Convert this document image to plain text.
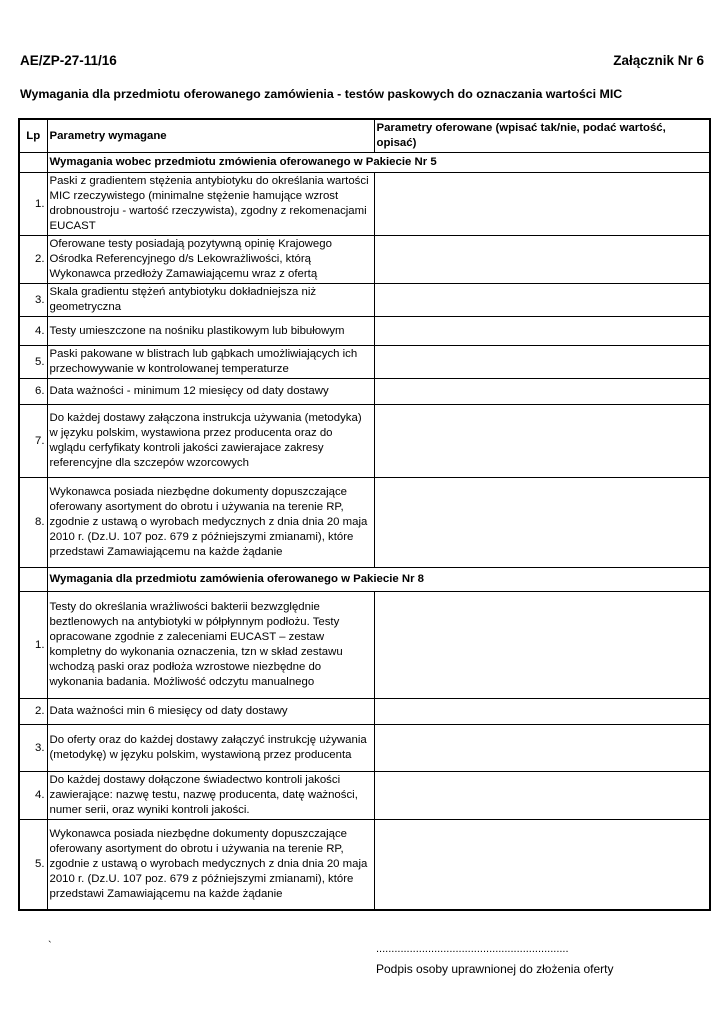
AE/ZP-27-11/16	Załącznik Nr 6
Wymagania dla przedmiotu oferowanego zamówienia - testów paskowych do oznaczania wartości MIC
Lp	Parametry wymagane	Parametry oferowane (wpisać tak/nie, podać wartość, opisać)
	Wymagania wobec przedmiotu zmówienia oferowanego w Pakiecie Nr 5	
1.	Paski z gradientem stężenia antybiotyku do określania wartości MIC rzeczywistego (minimalne stężenie hamujące wzrost drobnoustroju - wartość rzeczywista), zgodny z rekomenacjami EUCAST	
2.	Oferowane testy posiadają pozytywną opinię Krajowego Ośrodka Referencyjnego d/s Lekowrażliwości, którą Wykonawca przedłoży Zamawiającemu wraz z ofertą	
3.	Skala gradientu stężeń antybiotyku dokładniejsza niż geometryczna	
4.	Testy umieszczone na nośniku plastikowym lub bibułowym	
5.	Paski pakowane w blistrach lub gąbkach umożliwiających ich przechowywanie w kontrolowanej temperaturze	
6.	Data ważności - minimum 12 miesięcy od daty dostawy	
7.	Do każdej dostawy załączona instrukcja używania (metodyka) w języku polskim, wystawiona przez producenta oraz do wglądu cerfyfikaty kontroli jakości zawierajace zakresy referencyjne dla szczepów wzorcowych	
8.	Wykonawca posiada niezbędne dokumenty dopuszczające oferowany asortyment do obrotu i używania na terenie RP, zgodnie z ustawą o wyrobach medycznych z dnia dnia 20 maja 2010 r. (Dz.U. 107 poz. 679 z późniejszymi zmianami), które przedstawi Zamawiającemu na każde żądanie	
	Wymagania dla przedmiotu zamówienia oferowanego w Pakiecie Nr 8	
1.	Testy do określania wrażliwości bakterii bezwzględnie beztlenowych na antybiotyki w półpłynnym podłożu. Testy opracowane zgodnie z zaleceniami EUCAST – zestaw kompletny do wykonania oznaczenia, tzn w skład zestawu wchodzą paski oraz podłoża wzrostowe niezbędne do wykonania badania. Możliwość odczytu manualnego	
2.	Data ważności min 6 miesięcy od daty dostawy	
3.	Do oferty oraz do każdej dostawy załączyć instrukcję używania (metodykę) w języku polskim, wystawioną przez producenta	
4.	Do każdej dostawy dołączone świadectwo kontroli jakości zawierające: nazwę testu, nazwę producenta, datę ważności, numer serii, oraz wyniki kontroli jakości.	
5.	Wykonawca posiada niezbędne dokumenty dopuszczające oferowany asortyment do obrotu i używania na terenie RP, zgodnie z ustawą o wyrobach medycznych z dnia dnia 20 maja 2010 r. (Dz.U. 107 poz. 679 z późniejszymi zmianami), które przedstawi Zamawiającemu na każde żądanie	
`	...............................................................
Podpis osoby uprawnionej do złożenia oferty
